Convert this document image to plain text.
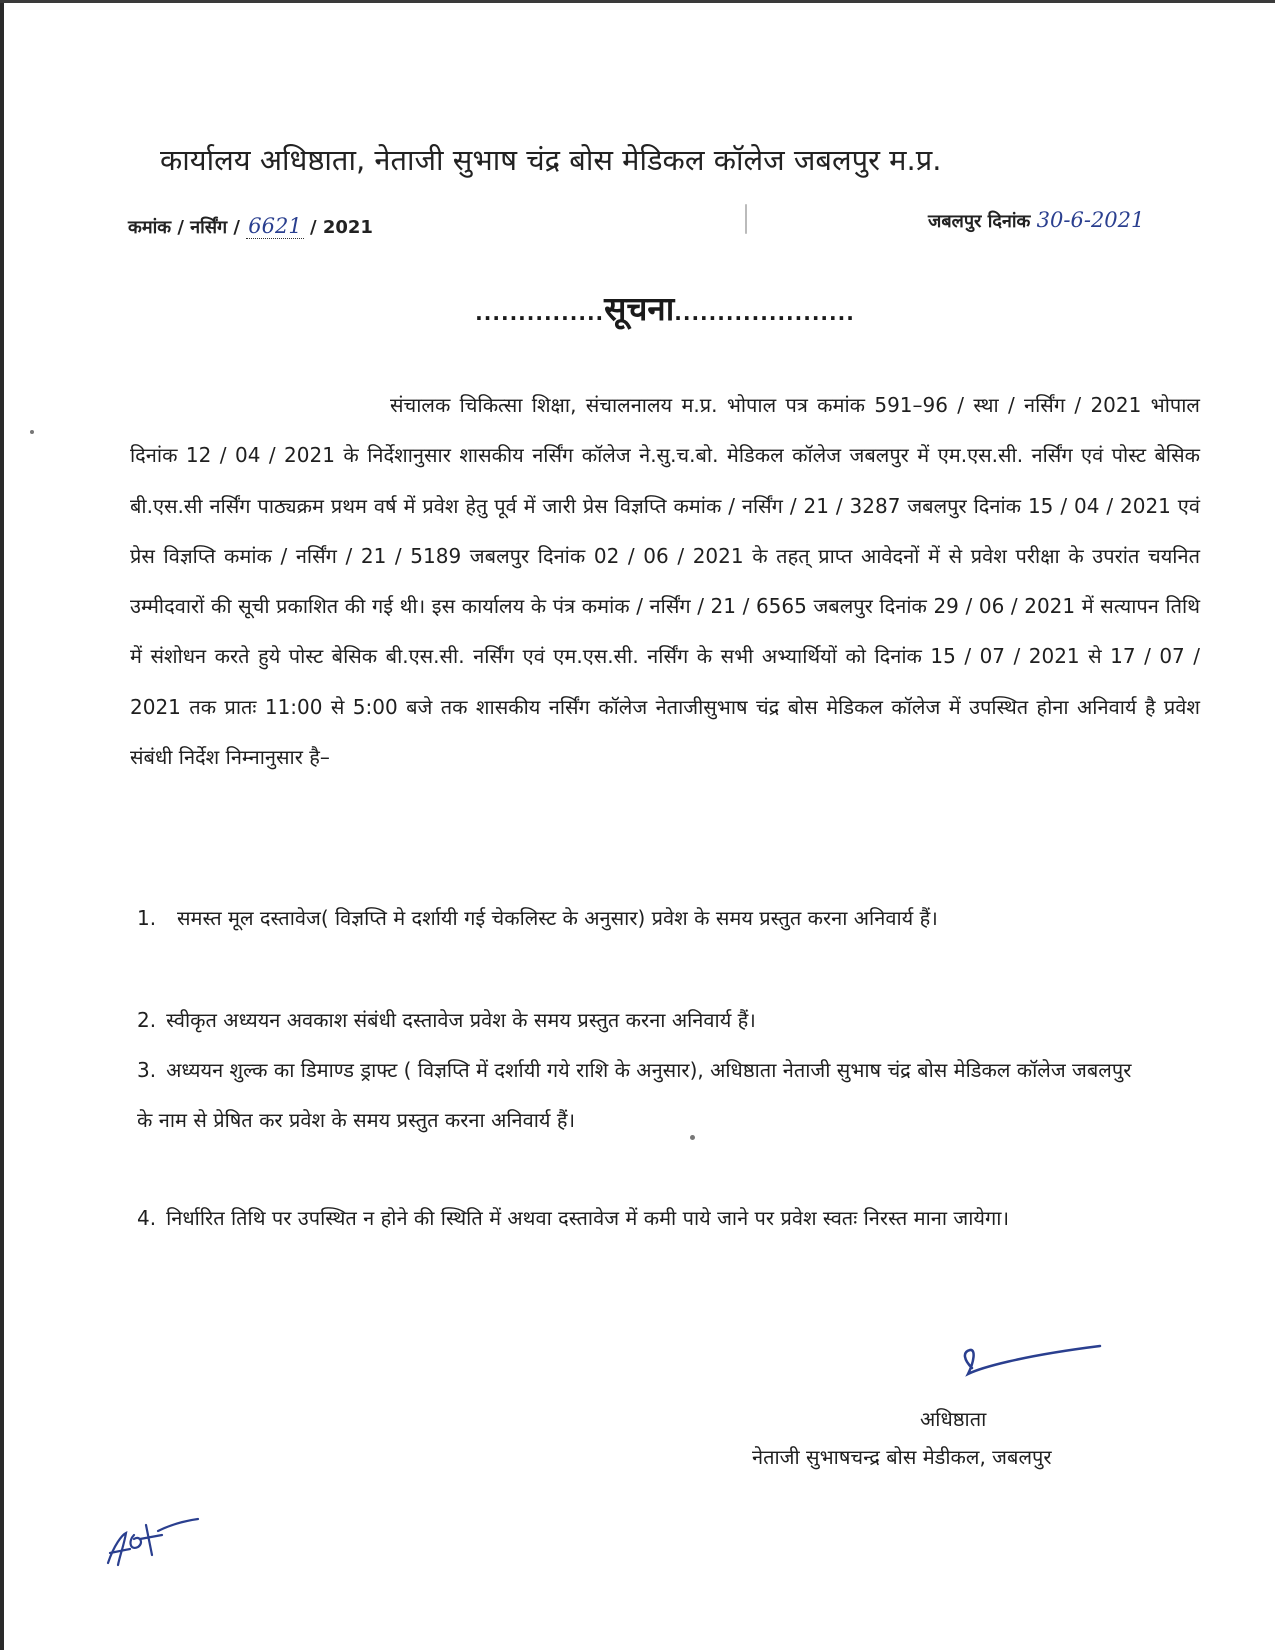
कार्यालय अधिष्ठाता, नेताजी सुभाष चंद्र बोस मेडिकल कॉलेज जबलपुर म.प्र.
कमांक / नर्सिंग / 6621 / 2021	जबलपुर दिनांक 30-6-2021
...............सूचना.....................
संचालक चिकित्सा शिक्षा, संचालनालय म.प्र. भोपाल पत्र कमांक 591–96 / स्था / नर्सिंग / 2021 भोपाल दिनांक 12 / 04 / 2021 के निर्देशानुसार शासकीय नर्सिंग कॉलेज ने.सु.च.बो. मेडिकल कॉलेज जबलपुर में एम.एस.सी. नर्सिंग एवं पोस्ट बेसिक बी.एस.सी नर्सिंग पाठ्यक्रम प्रथम वर्ष में प्रवेश हेतु पूर्व में जारी प्रेस विज्ञप्ति कमांक / नर्सिंग / 21 / 3287 जबलपुर दिनांक 15 / 04 / 2021 एवं प्रेस विज्ञप्ति कमांक / नर्सिंग / 21 / 5189 जबलपुर दिनांक 02 / 06 / 2021 के तहत् प्राप्त आवेदनों में से प्रवेश परीक्षा के उपरांत चयनित उम्मीदवारों की सूची प्रकाशित की गई थी। इस कार्यालय के पंत्र कमांक / नर्सिंग / 21 / 6565 जबलपुर दिनांक 29 / 06 / 2021 में सत्यापन तिथि में संशोधन करते हुये पोस्ट बेसिक बी.एस.सी. नर्सिंग एवं एम.एस.सी. नर्सिंग के सभी अभ्यार्थियों को दिनांक 15 / 07 / 2021 से 17 / 07 / 2021 तक प्रातः 11:00 से 5:00 बजे तक शासकीय नर्सिंग कॉलेज नेताजीसुभाष चंद्र बोस मेडिकल कॉलेज में उपस्थित होना अनिवार्य है प्रवेश संबंधी निर्देश निम्नानुसार है–
1.	समस्त मूल दस्तावेज( विज्ञप्ति मे दर्शायी गई चेकलिस्ट के अनुसार) प्रवेश के समय प्रस्तुत करना अनिवार्य हैं।
2. स्वीकृत अध्ययन अवकाश संबंधी दस्तावेज प्रवेश के समय प्रस्तुत करना अनिवार्य हैं।
3. अध्ययन शुल्क का डिमाण्ड ड्राफ्ट ( विज्ञप्ति में दर्शायी गये राशि के अनुसार), अधिष्ठाता नेताजी सुभाष चंद्र बोस मेडिकल कॉलेज जबलपुर के नाम से प्रेषित कर प्रवेश के समय प्रस्तुत करना अनिवार्य हैं।
4. निर्धारित तिथि पर उपस्थित न होने की स्थिति में अथवा दस्तावेज में कमी पाये जाने पर प्रवेश स्वतः निरस्त माना जायेगा।
अधिष्ठाता
नेताजी सुभाषचन्द्र बोस मेडीकल, जबलपुर
